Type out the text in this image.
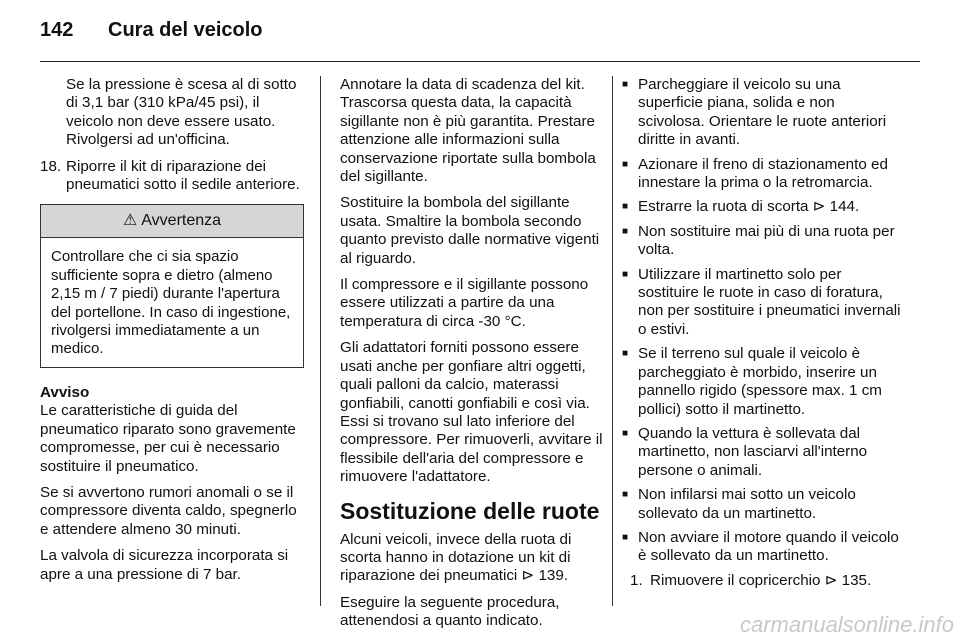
142 Cura del veicolo

Se la pressione è scesa al di sotto di 3,1 bar (310 kPa/45 psi), il veicolo non deve essere usato. Rivolgersi ad un'officina.

18. Riporre il kit di riparazione dei pneumatici sotto il sedile anteriore.
⚠ Avvertenza
Controllare che ci sia spazio sufficiente sopra e dietro (almeno 2,15 m / 7 piedi) durante l'apertura del portellone. In caso di ingestione, rivolgersi immediatamente a un medico.
Avviso

Le caratteristiche di guida del pneumatico riparato sono gravemente compromesse, per cui è necessario sostituire il pneumatico.

Se si avvertono rumori anomali o se il compressore diventa caldo, spegnerlo e attendere almeno 30 minuti.

La valvola di sicurezza incorporata si apre a una pressione di 7 bar.

Annotare la data di scadenza del kit. Trascorsa questa data, la capacità sigillante non è più garantita. Prestare attenzione alle informazioni sulla conservazione riportate sulla bombola del sigillante.

Sostituire la bombola del sigillante usata. Smaltire la bombola secondo quanto previsto dalle normative vigenti al riguardo.

Il compressore e il sigillante possono essere utilizzati a partire da una temperatura di circa -30 °C.

Gli adattatori forniti possono essere usati anche per gonfiare altri oggetti, quali palloni da calcio, materassi gonfiabili, canotti gonfiabili e così via. Essi si trovano sul lato inferiore del compressore. Per rimuoverli, avvitare il flessibile dell'aria del compressore e rimuovere l'adattatore.

Sostituzione delle ruote

Alcuni veicoli, invece della ruota di scorta hanno in dotazione un kit di riparazione dei pneumatici ⊳ 139.

Eseguire la seguente procedura, attenendosi a quanto indicato.

■ Parcheggiare il veicolo su una superficie piana, solida e non scivolosa. Orientare le ruote anteriori diritte in avanti.
■ Azionare il freno di stazionamento ed innestare la prima o la retromarcia.
■ Estrarre la ruota di scorta ⊳ 144.
■ Non sostituire mai più di una ruota per volta.
■ Utilizzare il martinetto solo per sostituire le ruote in caso di foratura, non per sostituire i pneumatici invernali o estivi.
■ Se il terreno sul quale il veicolo è parcheggiato è morbido, inserire un pannello rigido (spessore max. 1 cm pollici) sotto il martinetto.
■ Quando la vettura è sollevata dal martinetto, non lasciarvi all'interno persone o animali.
■ Non infilarsi mai sotto un veicolo sollevato da un martinetto.
■ Non avviare il motore quando il veicolo è sollevato da un martinetto.
1. Rimuovere il copricerchio ⊳ 135.
carmanualsonline.info
